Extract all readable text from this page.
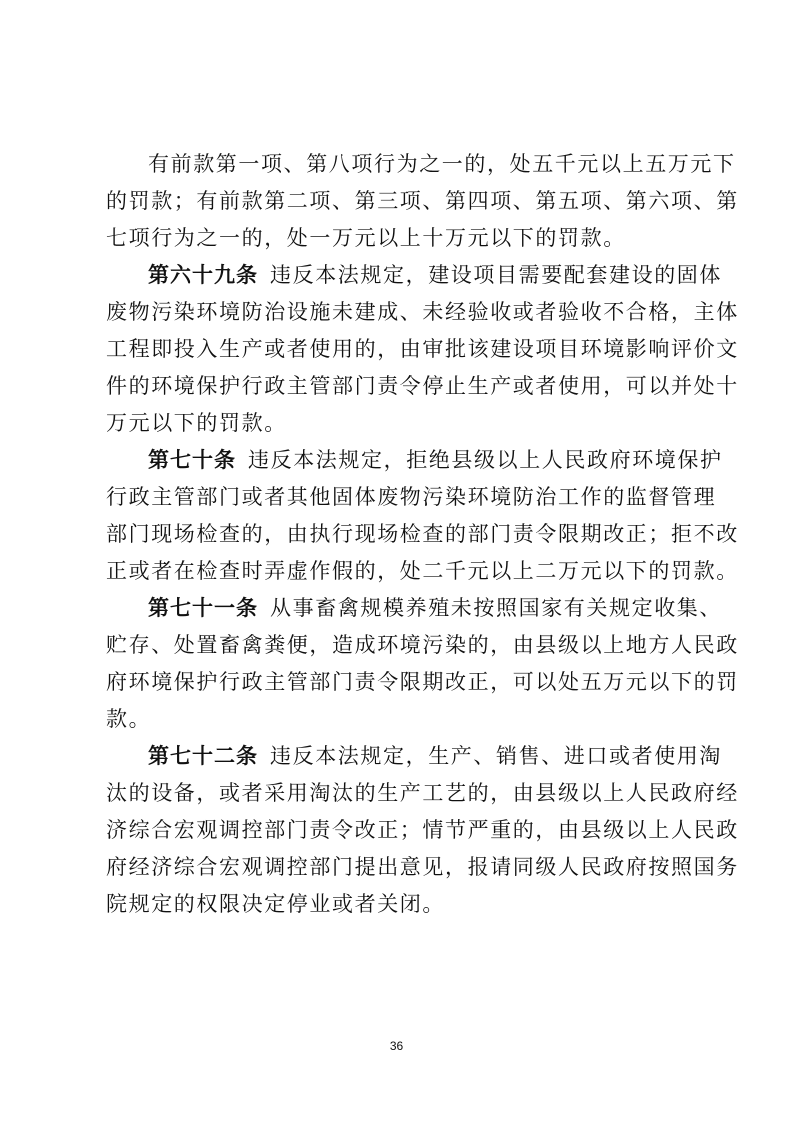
有前款第一项、第八项行为之一的，处五千元以上五万元下
的罚款；有前款第二项、第三项、第四项、第五项、第六项、第
七项行为之一的，处一万元以上十万元以下的罚款。
第六十九条 违反本法规定，建设项目需要配套建设的固体
废物污染环境防治设施未建成、未经验收或者验收不合格，主体
工程即投入生产或者使用的，由审批该建设项目环境影响评价文
件的环境保护行政主管部门责令停止生产或者使用，可以并处十
万元以下的罚款。
第七十条 违反本法规定，拒绝县级以上人民政府环境保护
行政主管部门或者其他固体废物污染环境防治工作的监督管理
部门现场检查的，由执行现场检查的部门责令限期改正；拒不改
正或者在检查时弄虚作假的，处二千元以上二万元以下的罚款。
第七十一条 从事畜禽规模养殖未按照国家有关规定收集、
贮存、处置畜禽粪便，造成环境污染的，由县级以上地方人民政
府环境保护行政主管部门责令限期改正，可以处五万元以下的罚
款。
第七十二条 违反本法规定，生产、销售、进口或者使用淘
汰的设备，或者采用淘汰的生产工艺的，由县级以上人民政府经
济综合宏观调控部门责令改正；情节严重的，由县级以上人民政
府经济综合宏观调控部门提出意见，报请同级人民政府按照国务
院规定的权限决定停业或者关闭。
36
